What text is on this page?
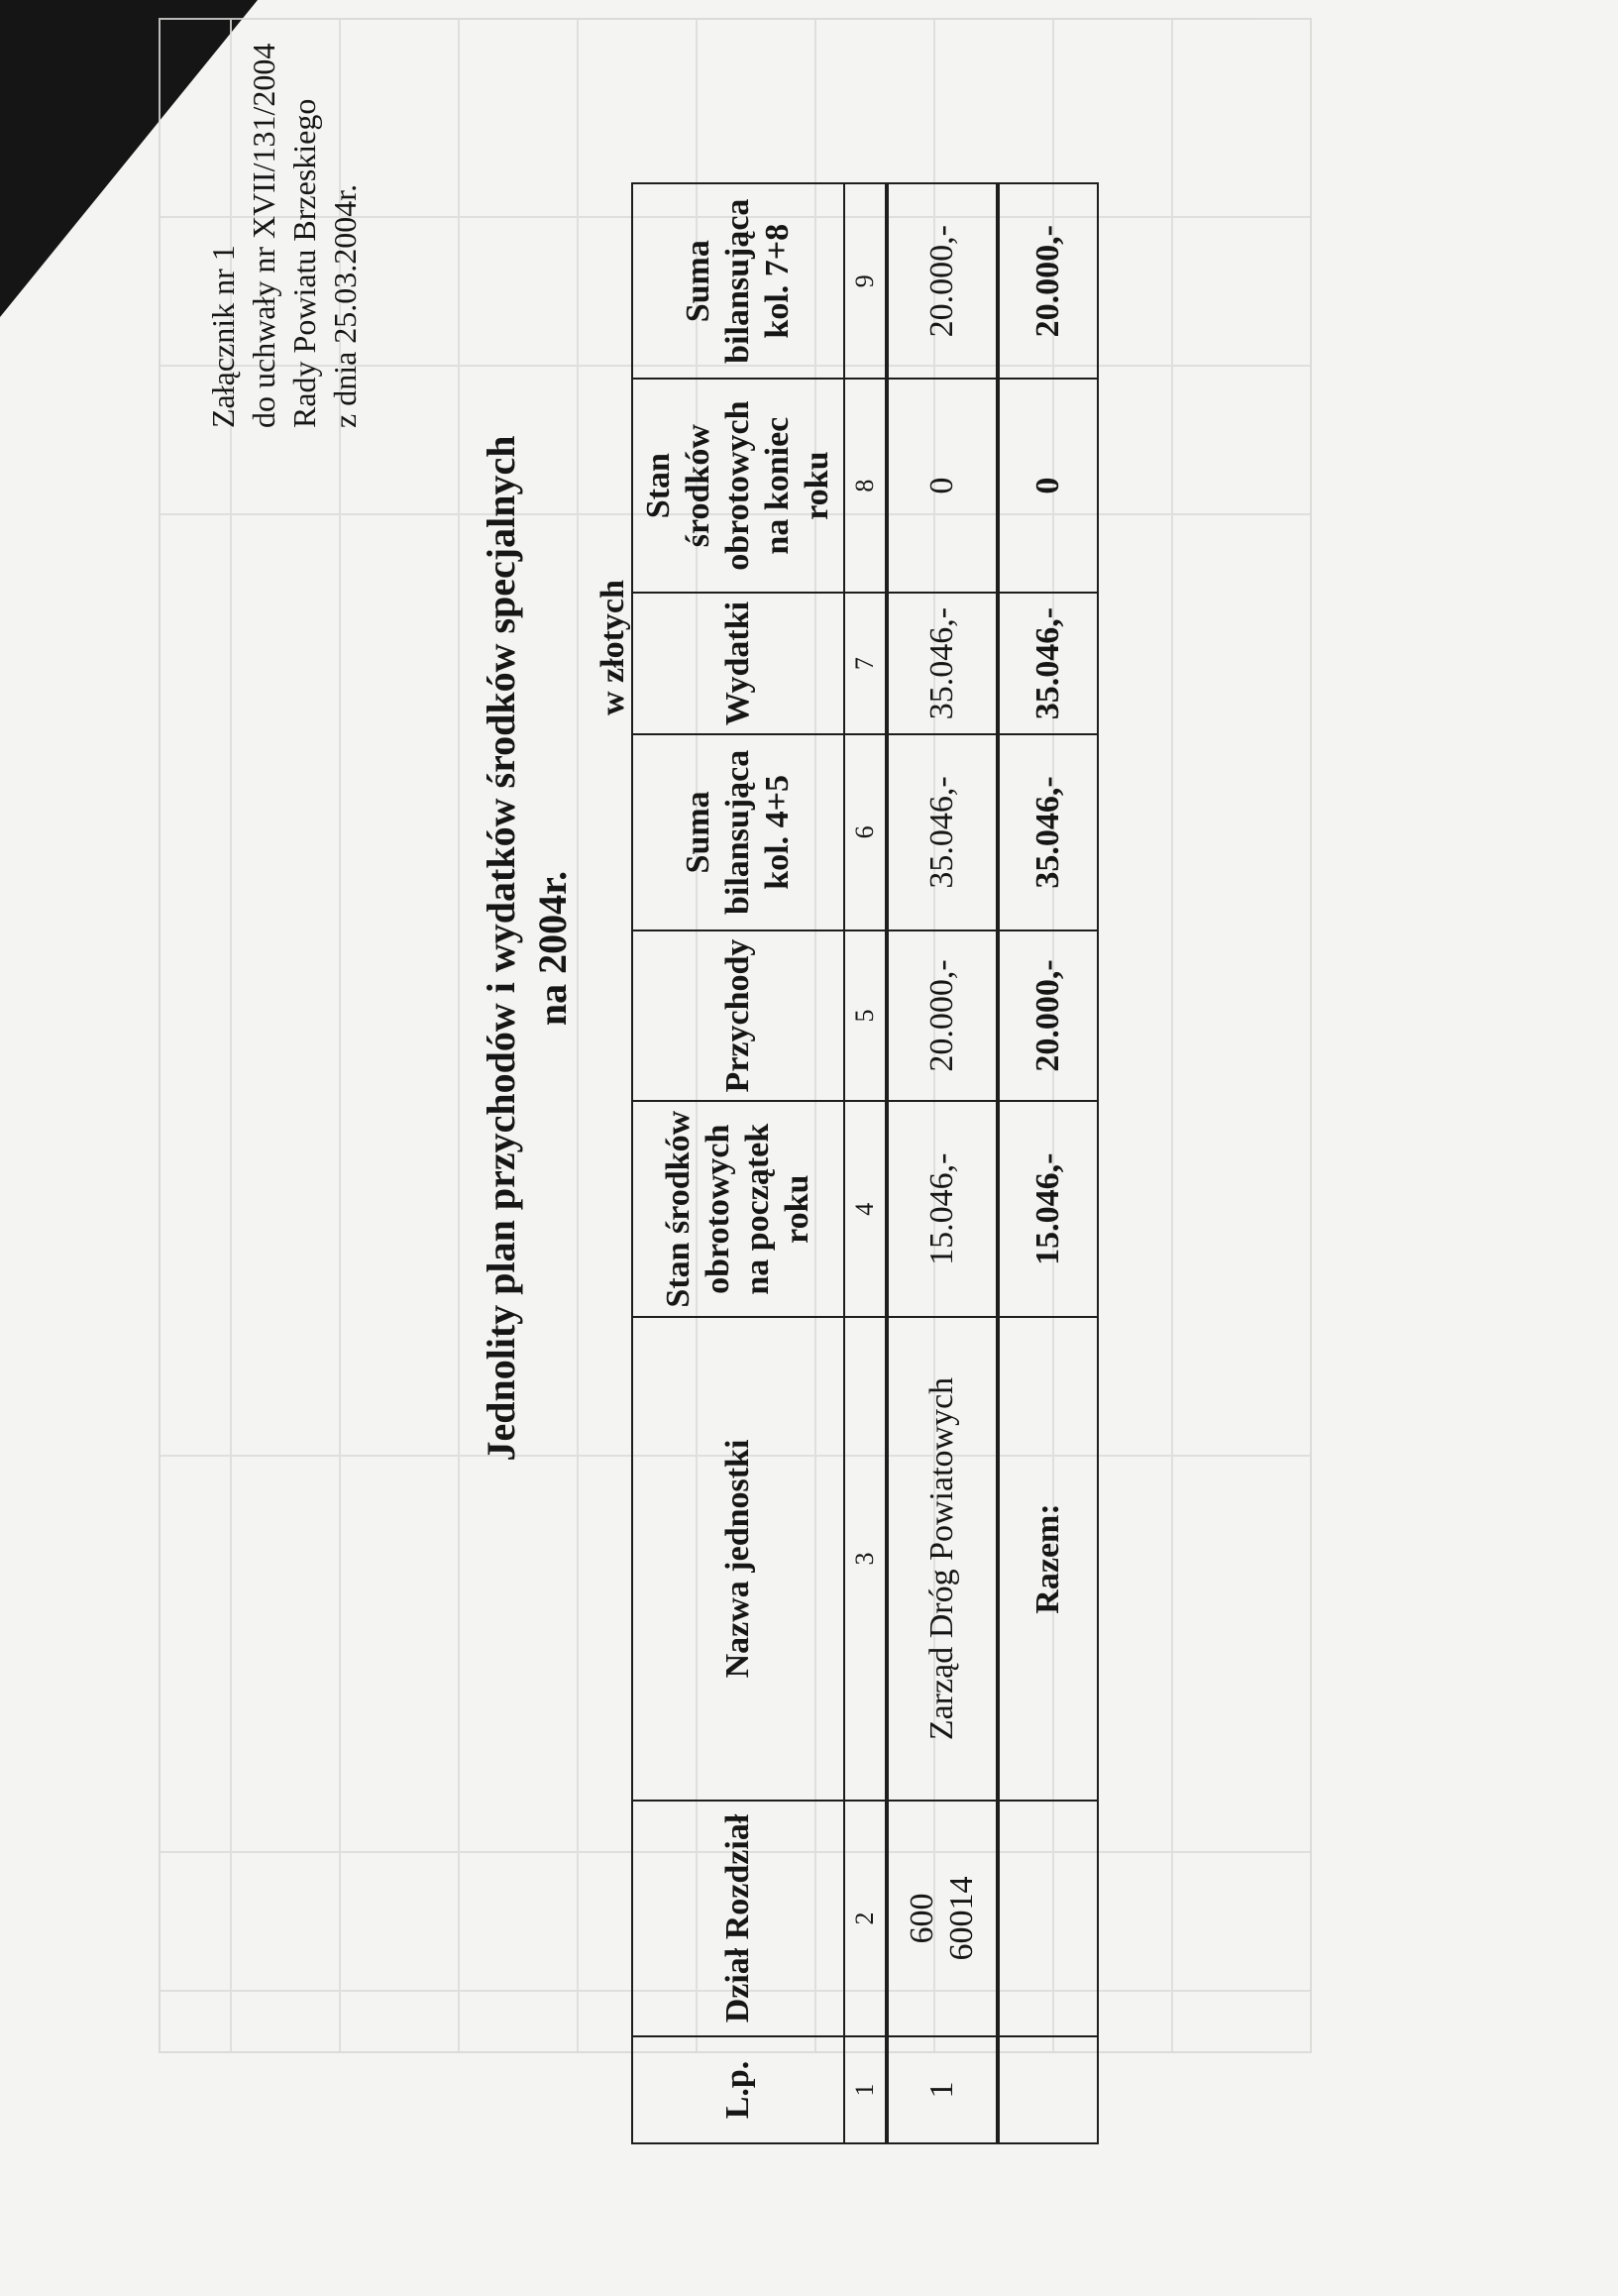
Załącznik nr 1 do uchwały nr XVII/131/2004 Rady Powiatu Brzeskiego z dnia 25.03.2004r.
Jednolity plan przychodów i wydatków środków specjalnych na 2004r.
w złotych
L.p.	Dział Rozdział	Nazwa jednostki	Stan środków obrotowych na początek roku	Przychody	Suma bilansująca kol. 4+5	Wydatki	Stan środków obrotowych na koniec roku	Suma bilansująca kol. 7+8
1	2	3	4	5	6	7	8	9
1	600 60014	Zarząd Dróg Powiatowych	15.046,-	20.000,-	35.046,-	35.046,-	0	20.000,-
		Razem:	15.046,-	20.000,-	35.046,-	35.046,-	0	20.000,-
